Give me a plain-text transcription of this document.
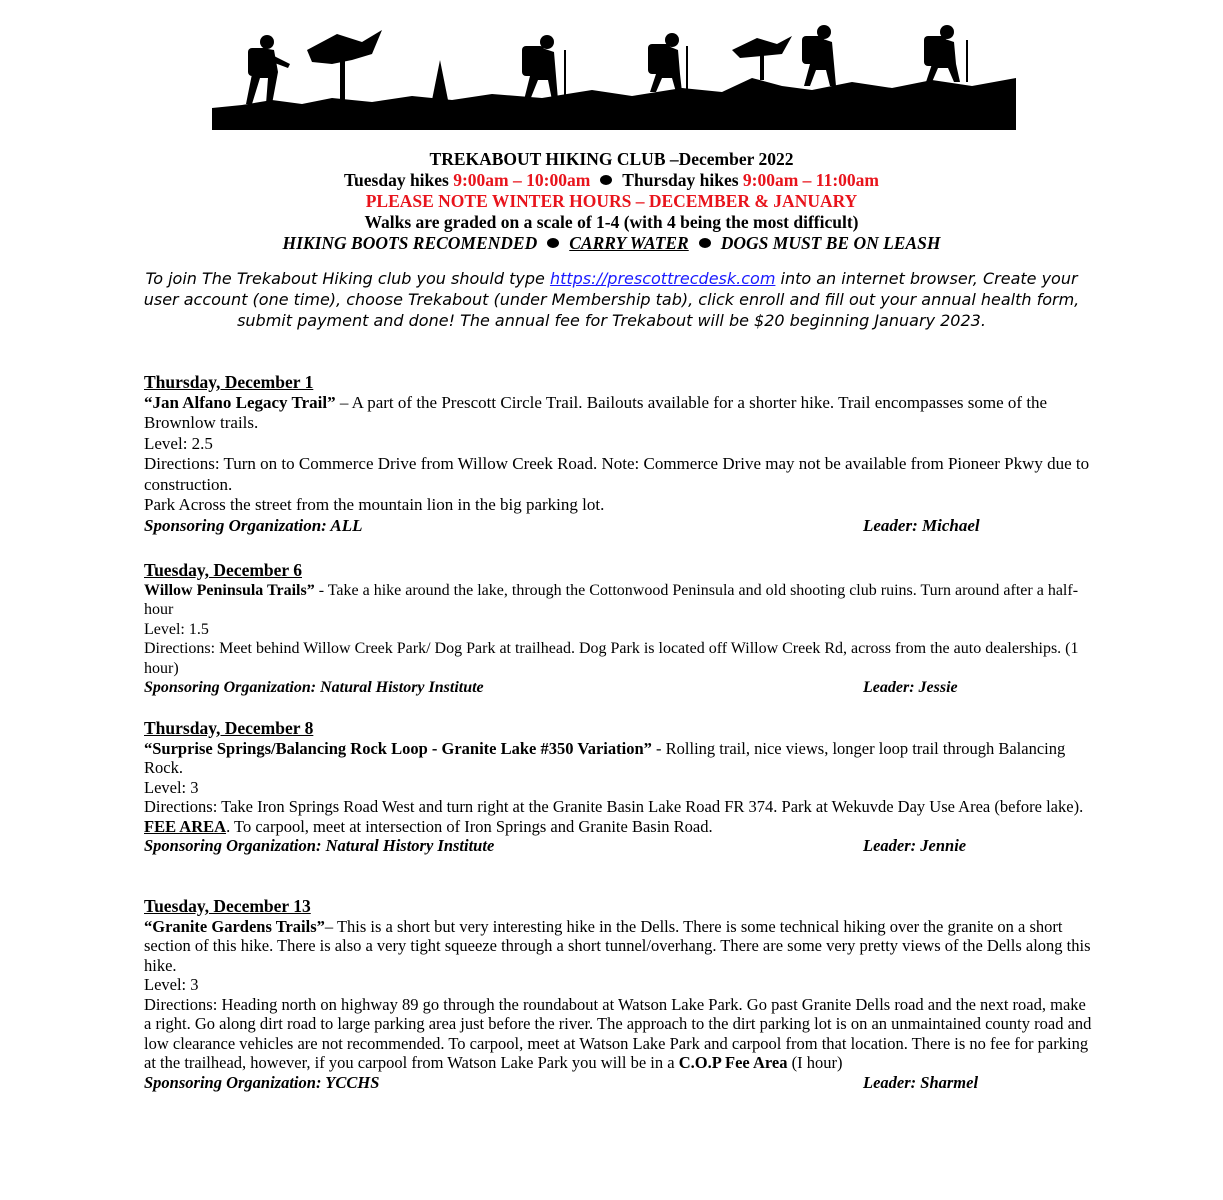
TREKABOUT HIKING CLUB –December 2022
Tuesday hikes 9:00am – 10:00am Thursday hikes 9:00am – 11:00am
PLEASE NOTE WINTER HOURS – DECEMBER & JANUARY
Walks are graded on a scale of 1-4 (with 4 being the most difficult)
HIKING BOOTS RECOMENDED CARRY WATER DOGS MUST BE ON LEASH
To join The Trekabout Hiking club you should type https://prescottrecdesk.com into an internet browser, Create your user account (one time), choose Trekabout (under Membership tab), click enroll and fill out your annual health form, submit payment and done! The annual fee for Trekabout will be $20 beginning January 2023.
Thursday, December 1
“Jan Alfano Legacy Trail” – A part of the Prescott Circle Trail. Bailouts available for a shorter hike. Trail encompasses some of the Brownlow trails.
Level: 2.5
Directions: Turn on to Commerce Drive from Willow Creek Road. Note: Commerce Drive may not be available from Pioneer Pkwy due to construction.
Park Across the street from the mountain lion in the big parking lot.
Sponsoring Organization: ALL	Leader: Michael
Tuesday, December 6
Willow Peninsula Trails” - Take a hike around the lake, through the Cottonwood Peninsula and old shooting club ruins. Turn around after a half-hour
Level: 1.5
Directions: Meet behind Willow Creek Park/ Dog Park at trailhead. Dog Park is located off Willow Creek Rd, across from the auto dealerships. (1 hour)
Sponsoring Organization: Natural History Institute	Leader: Jessie
Thursday, December 8
“Surprise Springs/Balancing Rock Loop - Granite Lake #350 Variation” - Rolling trail, nice views, longer loop trail through Balancing Rock.
Level: 3
Directions: Take Iron Springs Road West and turn right at the Granite Basin Lake Road FR 374. Park at Wekuvde Day Use Area (before lake). FEE AREA. To carpool, meet at intersection of Iron Springs and Granite Basin Road.
Sponsoring Organization: Natural History Institute	Leader: Jennie
Tuesday, December 13
“Granite Gardens Trails”– This is a short but very interesting hike in the Dells. There is some technical hiking over the granite on a short section of this hike. There is also a very tight squeeze through a short tunnel/overhang. There are some very pretty views of the Dells along this hike.
Level: 3
Directions: Heading north on highway 89 go through the roundabout at Watson Lake Park. Go past Granite Dells road and the next road, make a right. Go along dirt road to large parking area just before the river. The approach to the dirt parking lot is on an unmaintained county road and low clearance vehicles are not recommended. To carpool, meet at Watson Lake Park and carpool from that location. There is no fee for parking at the trailhead, however, if you carpool from Watson Lake Park you will be in a C.O.P Fee Area (I hour)
Sponsoring Organization: YCCHS	Leader: Sharmel
